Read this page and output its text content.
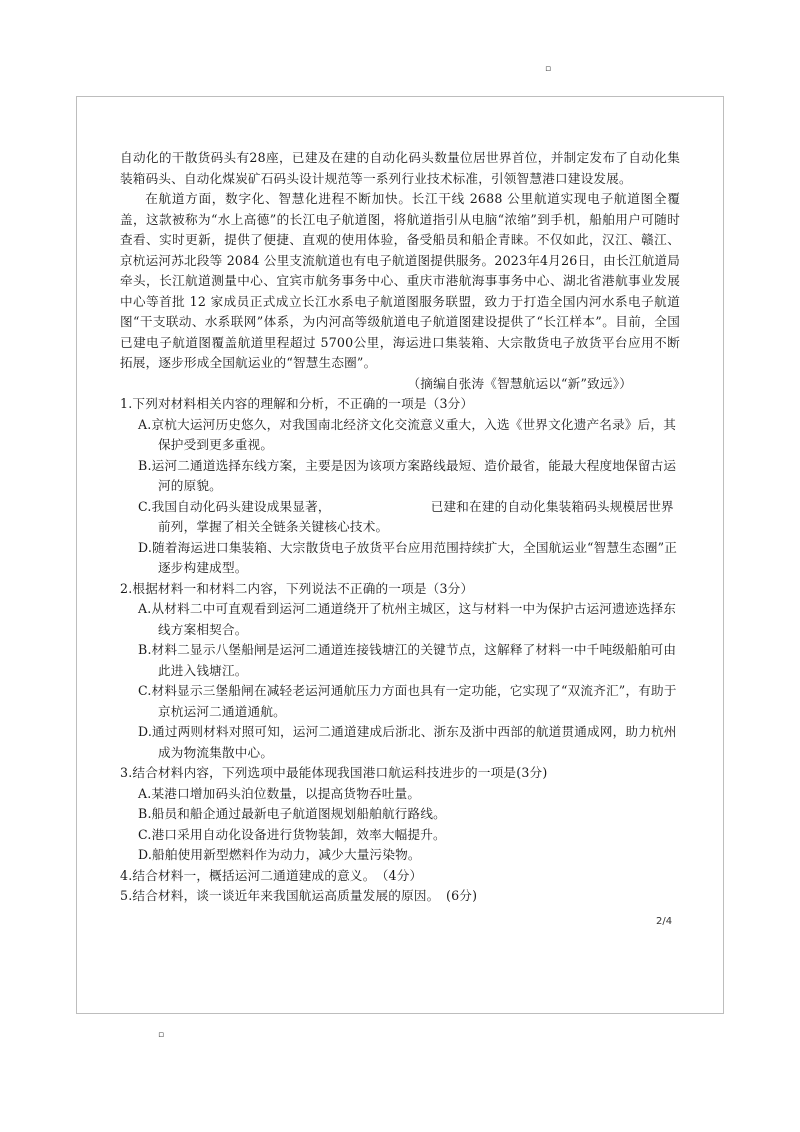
▫

自动化的干散货码头有28座，已建及在建的自动化码头数量位居世界首位，并制定发布了自动化集装箱码头、自动化煤炭矿石码头设计规范等一系列行业技术标准，引领智慧港口建设发展。

在航道方面，数字化、智慧化进程不断加快。长江干线 2688 公里航道实现电子航道图全覆盖，这款被称为“水上高德”的长江电子航道图，将航道指引从电脑“浓缩”到手机，船舶用户可随时查看、实时更新，提供了便捷、直观的使用体验，备受船员和船企青睐。不仅如此，汉江、赣江、京杭运河苏北段等 2084 公里支流航道也有电子航道图提供服务。2023年4月26日，由长江航道局牵头，长江航道测量中心、宜宾市航务事务中心、重庆市港航海事事务中心、湖北省港航事业发展中心等首批 12 家成员正式成立长江水系电子航道图服务联盟，致力于打造全国内河水系电子航道图“干支联动、水系联网”体系，为内河高等级航道电子航道图建设提供了“长江样本”。目前，全国已建电子航道图覆盖航道里程超过 5700公里，海运进口集装箱、大宗散货电子放货平台应用不断拓展，逐步形成全国航运业的“智慧生态圈”。

（摘编自张涛《智慧航运以“新”致远》）

1.下列对材料相关内容的理解和分析，不正确的一项是（3分）

A.京杭大运河历史悠久，对我国南北经济文化交流意义重大，入选《世界文化遗产名录》后，其保护受到更多重视。

B.运河二通道选择东线方案，主要是因为该项方案路线最短、造价最省，能最大程度地保留古运河的原貌。

C.我国自动化码头建设成果显著，	已建和在建的自动化集装箱码头规模居世界前列，掌握了相关全链条关键核心技术。

D.随着海运进口集装箱、大宗散货电子放货平台应用范围持续扩大，全国航运业“智慧生态圈”正逐步构建成型。

2.根据材料一和材料二内容，下列说法不正确的一项是（3分）

A.从材料二中可直观看到运河二通道绕开了杭州主城区，这与材料一中为保护古运河遗迹选择东线方案相契合。

B.材料二显示八堡船闸是运河二通道连接钱塘江的关键节点，这解释了材料一中千吨级船舶可由此进入钱塘江。

C.材料显示三堡船闸在减轻老运河通航压力方面也具有一定功能，它实现了“双流齐汇”，有助于京杭运河二通道通航。

D.通过两则材料对照可知，运河二通道建成后浙北、浙东及浙中西部的航道贯通成网，助力杭州成为物流集散中心。

3.结合材料内容，下列选项中最能体现我国港口航运科技进步的一项是(3分)

A.某港口增加码头泊位数量，以提高货物吞吐量。

B.船员和船企通过最新电子航道图规划船舶航行路线。

C.港口采用自动化设备进行货物装卸，效率大幅提升。

D.船舶使用新型燃料作为动力，减少大量污染物。

4.结合材料一，概括运河二通道建成的意义。　（4分）

5.结合材料，谈一谈近年来我国航运高质量发展的原因。　(6分)

2/4
▫
